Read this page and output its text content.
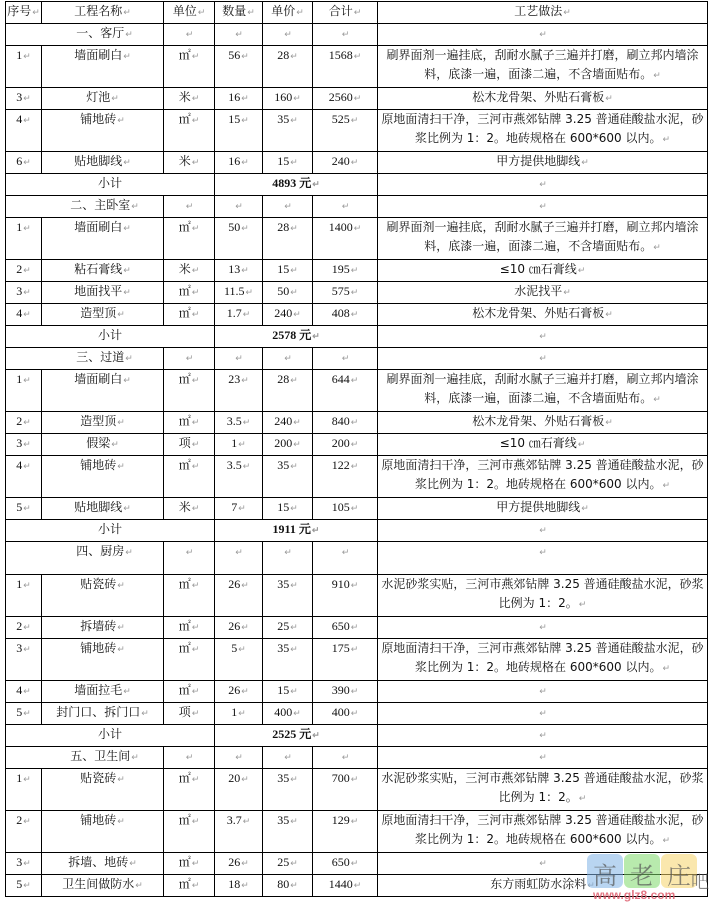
序号↵	工程名称↵	单位↵	数量↵	单价↵	合计↵	工艺做法↵
一、客厅↵		↵	↵	↵	↵	↵
1↵	墙面刷白↵	㎡↵	56↵	28↵	1568↵	刷界面剂一遍挂底，刮耐水腻子三遍并打磨，刷立邦内墙涂料，底漆一遍，面漆二遍，不含墙面贴布。↵
3↵	灯池↵	米↵	16↵	160↵	2560↵	松木龙骨架、外贴石膏板↵
4↵	铺地砖↵	㎡↵	15↵	35↵	525↵	原地面清扫干净，三河市燕郊钻牌 3.25 普通硅酸盐水泥，砂浆比例为 1：2。地砖规格在 600*600 以内。↵
6↵	贴地脚线↵	米↵	16↵	15↵	240↵	甲方提供地脚线↵
小计			4893 元↵			↵
二、主卧室↵		↵	↵	↵	↵	↵
1↵	墙面刷白↵	㎡↵	50↵	28↵	1400↵	刷界面剂一遍挂底，刮耐水腻子三遍并打磨，刷立邦内墙涂料，底漆一遍，面漆二遍，不含墙面贴布。↵
2↵	粘石膏线↵	米↵	13↵	15↵	195↵	≤10 ㎝石膏线↵
3↵	地面找平↵	㎡↵	11.5↵	50↵	575↵	水泥找平↵
4↵	造型顶↵	㎡↵	1.7↵	240↵	408↵	松木龙骨架、外贴石膏板↵
小计			2578 元↵			↵
三、过道↵		↵	↵	↵	↵	↵
1↵	墙面刷白↵	㎡↵	23↵	28↵	644↵	刷界面剂一遍挂底，刮耐水腻子三遍并打磨，刷立邦内墙涂料，底漆一遍，面漆二遍，不含墙面贴布。↵
2↵	造型顶↵	㎡↵	3.5↵	240↵	840↵	松木龙骨架、外贴石膏板↵
3↵	假梁↵	项↵	1↵	200↵	200↵	≤10 ㎝石膏线↵
4↵	铺地砖↵	㎡↵	3.5↵	35↵	122↵	原地面清扫干净，三河市燕郊钻牌 3.25 普通硅酸盐水泥，砂浆比例为 1：2。地砖规格在 600*600 以内。↵
5↵	贴地脚线↵	米↵	7↵	15↵	105↵	甲方提供地脚线↵
小计			1911 元↵			↵
四、厨房↵		↵	↵	↵	↵	↵
1↵	贴瓷砖↵	㎡↵	26↵	35↵	910↵	水泥砂浆实贴，三河市燕郊钻牌 3.25 普通硅酸盐水泥，砂浆比例为 1：2。↵
2↵	拆墙砖↵	㎡↵	26↵	25↵	650↵	↵
3↵	铺地砖↵	㎡↵	5↵	35↵	175↵	原地面清扫干净，三河市燕郊钻牌 3.25 普通硅酸盐水泥，砂浆比例为 1：2。地砖规格在 600*600 以内。↵
4↵	墙面拉毛↵	㎡↵	26↵	15↵	390↵	↵
5↵	封门口、拆门口↵	项↵	1↵	400↵	400↵	↵
小计			2525 元↵			↵
五、卫生间↵		↵	↵	↵	↵	↵
1↵	贴瓷砖↵	㎡↵	20↵	35↵	700↵	水泥砂浆实贴，三河市燕郊钻牌 3.25 普通硅酸盐水泥，砂浆比例为 1：2。↵
2↵	铺地砖↵	㎡↵	3.7↵	35↵	129↵	原地面清扫干净，三河市燕郊钻牌 3.25 普通硅酸盐水泥，砂浆比例为 1：2。地砖规格在 600*600 以内。↵
3↵	拆墙、地砖↵	㎡↵	26↵	25↵	650↵	↵
5↵	卫生间做防水↵	㎡↵	18↵	80↵	1440↵	东方雨虹防水涂料 高 老 庄 吧
www.glz8.com
